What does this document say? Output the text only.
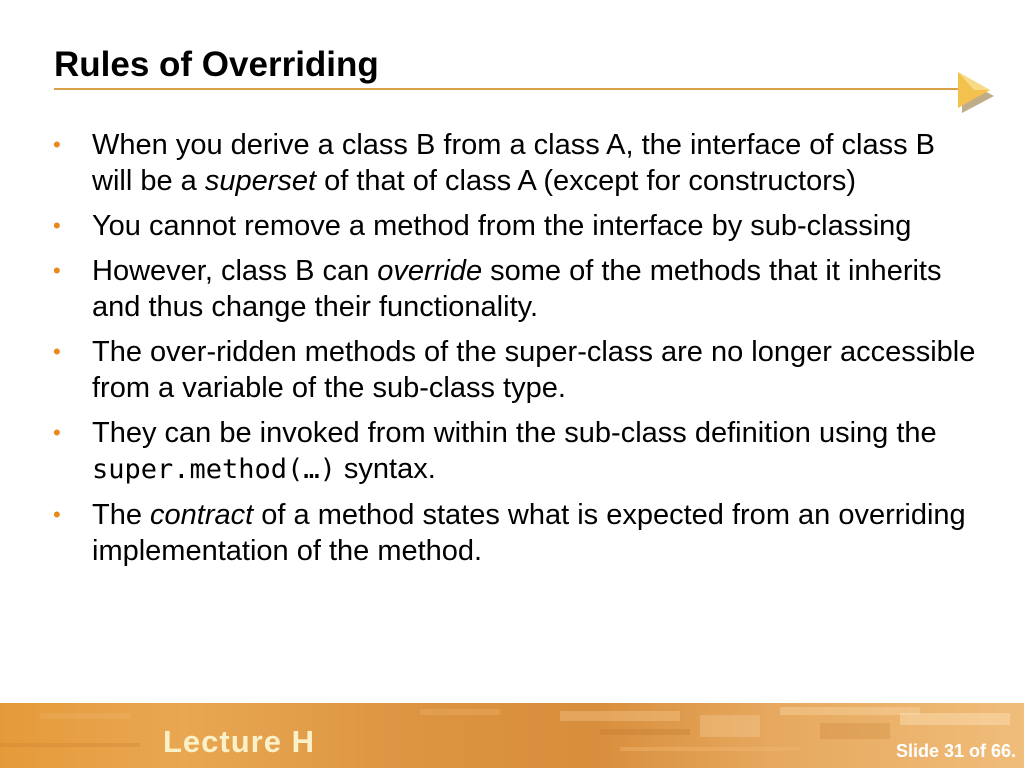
Rules of Overriding
• When you derive a class B from a class A, the interface of class B will be a superset of that of class A (except for constructors)
• You cannot remove a method from the interface by sub-classing
• However, class B can override some of the methods that it inherits and thus change their functionality.
• The over-ridden methods of the super-class are no longer accessible from a variable of the sub-class type.
• They can be invoked from within the sub-class definition using the super.method(…) syntax.
• The contract of a method states what is expected from an overriding implementation of the method.
Lecture H	Slide 31 of 66.
